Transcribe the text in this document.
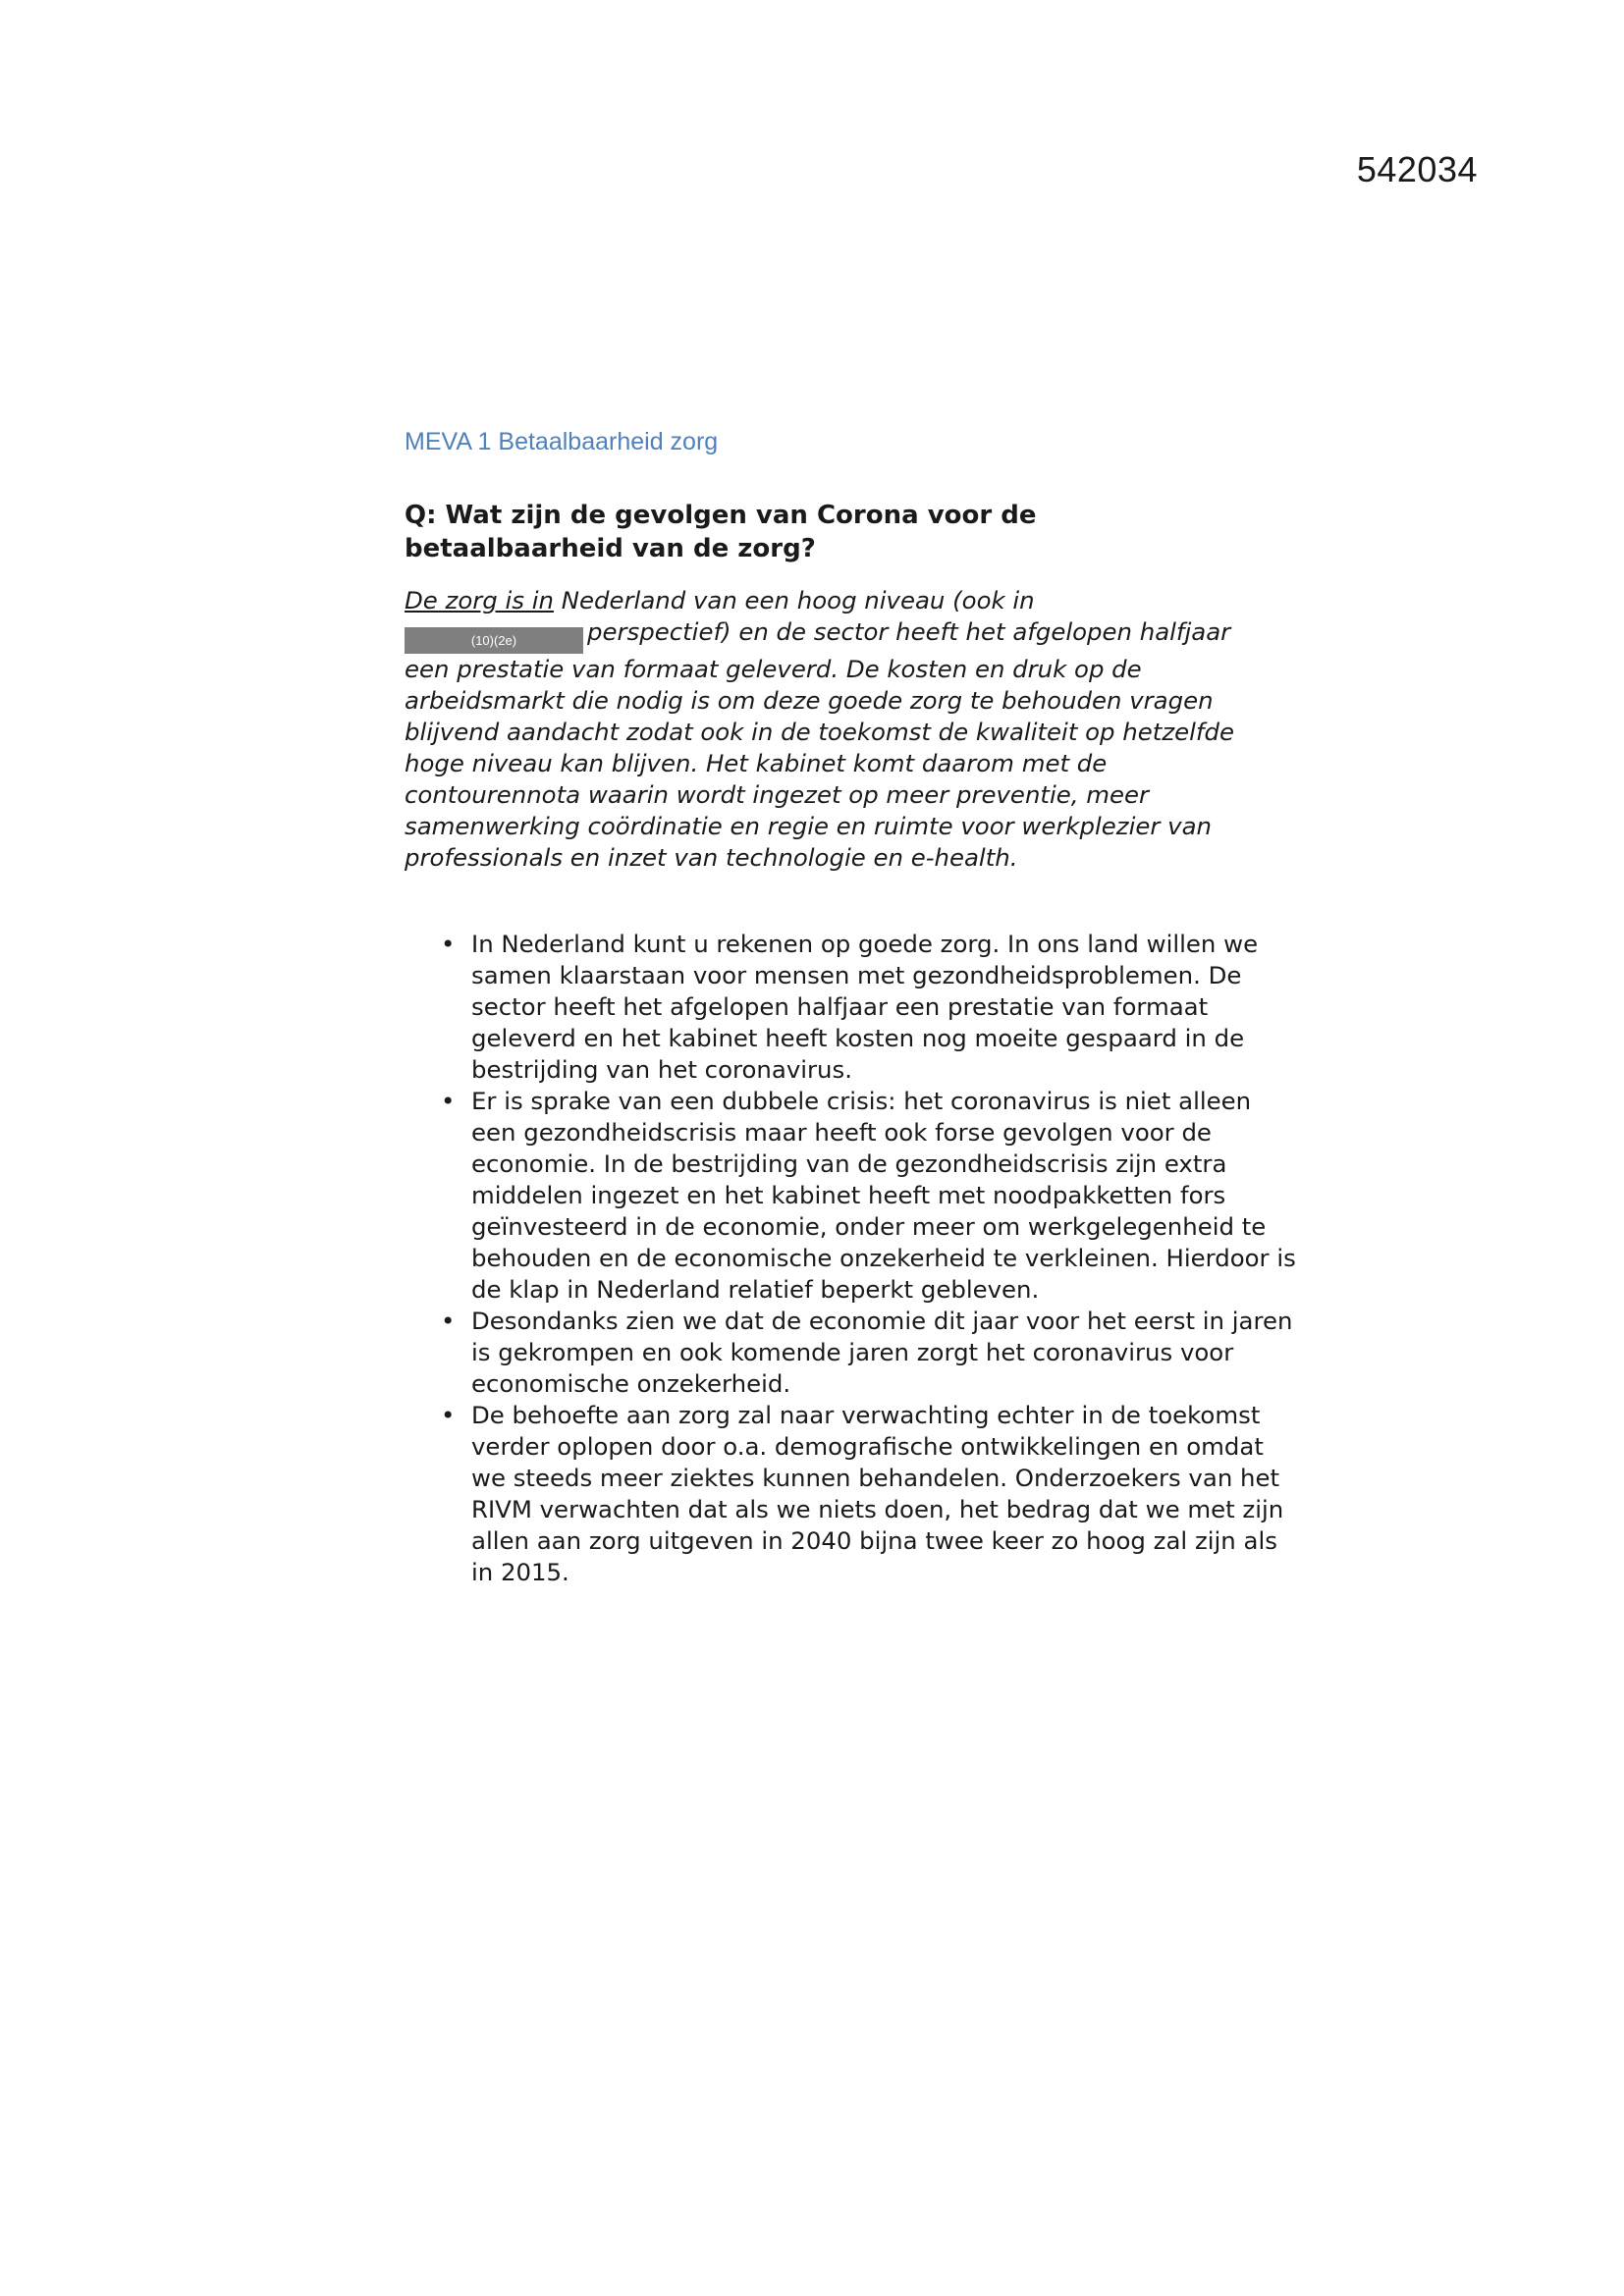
542034
MEVA 1 Betaalbaarheid zorg
Q: Wat zijn de gevolgen van Corona voor de betaalbaarheid van de zorg?
De zorg is in Nederland van een hoog niveau (ook in
(10)(2e)	perspectief) en de sector heeft het afgelopen halfjaar een prestatie van formaat geleverd. De kosten en druk op de arbeidsmarkt die nodig is om deze goede zorg te behouden vragen blijvend aandacht zodat ook in de toekomst de kwaliteit op hetzelfde hoge niveau kan blijven. Het kabinet komt daarom met de contourennota waarin wordt ingezet op meer preventie, meer samenwerking coördinatie en regie en ruimte voor werkplezier van professionals en inzet van technologie en e-health.
• In Nederland kunt u rekenen op goede zorg. In ons land willen we samen klaarstaan voor mensen met gezondheidsproblemen. De sector heeft het afgelopen halfjaar een prestatie van formaat geleverd en het kabinet heeft kosten nog moeite gespaard in de bestrijding van het coronavirus.
• Er is sprake van een dubbele crisis: het coronavirus is niet alleen een gezondheidscrisis maar heeft ook forse gevolgen voor de economie. In de bestrijding van de gezondheidscrisis zijn extra middelen ingezet en het kabinet heeft met noodpakketten fors geïnvesteerd in de economie, onder meer om werkgelegenheid te behouden en de economische onzekerheid te verkleinen. Hierdoor is de klap in Nederland relatief beperkt gebleven.
• Desondanks zien we dat de economie dit jaar voor het eerst in jaren is gekrompen en ook komende jaren zorgt het coronavirus voor economische onzekerheid.
• De behoefte aan zorg zal naar verwachting echter in de toekomst verder oplopen door o.a. demografische ontwikkelingen en omdat we steeds meer ziektes kunnen behandelen. Onderzoekers van het RIVM verwachten dat als we niets doen, het bedrag dat we met zijn allen aan zorg uitgeven in 2040 bijna twee keer zo hoog zal zijn als in 2015.
